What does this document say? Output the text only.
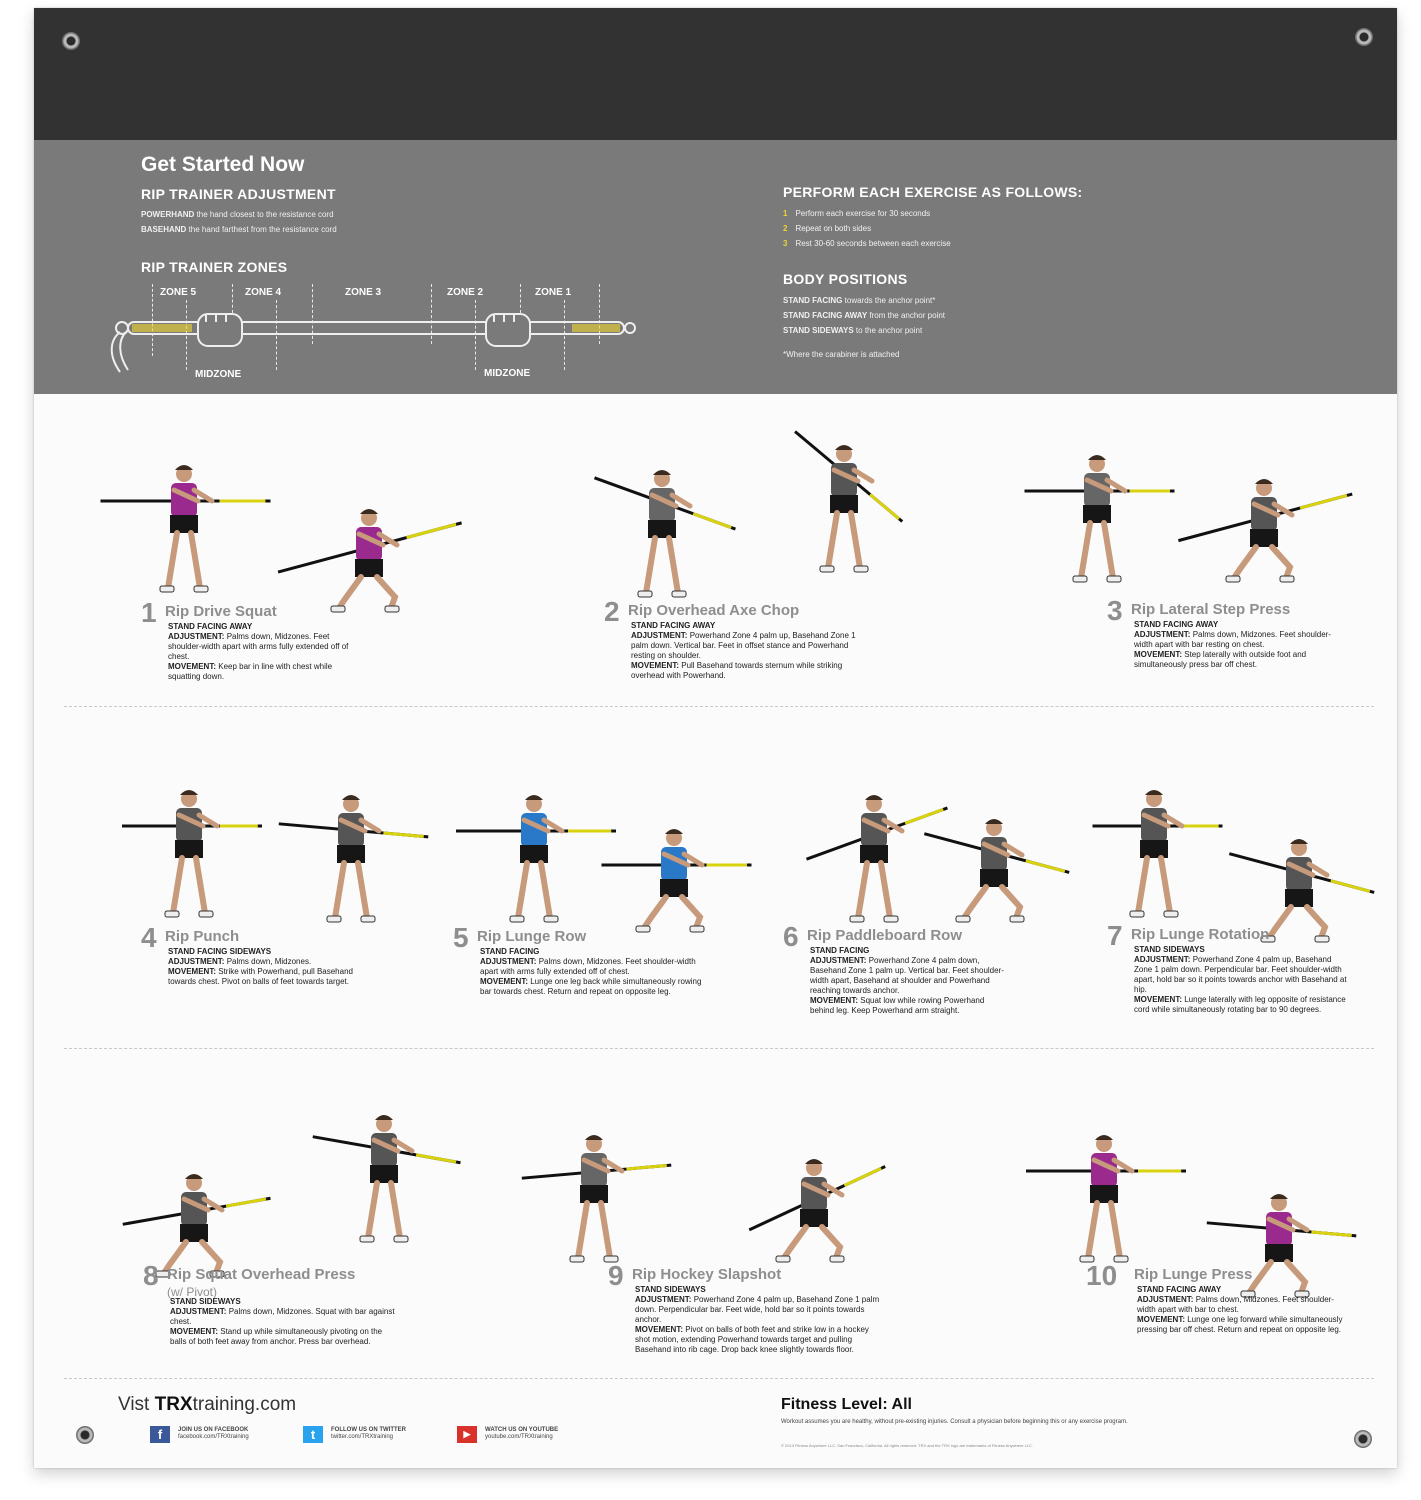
Get Started Now
RIP TRAINER ADJUSTMENT
POWERHAND the hand closest to the resistance cord
BASEHAND the hand farthest from the resistance cord
RIP TRAINER ZONES
ZONE 5	ZONE 4	ZONE 3	ZONE 2	ZONE 1
MIDZONE	MIDZONE
PERFORM EACH EXERCISE AS FOLLOWS:
1 Perform each exercise for 30 seconds
2 Repeat on both sides
3 Rest 30-60 seconds between each exercise
BODY POSITIONS
STAND FACING towards the anchor point*
STAND FACING AWAY from the anchor point
STAND SIDEWAYS to the anchor point
*Where the carabiner is attached
1 Rip Drive Squat
STAND FACING AWAY
ADJUSTMENT: Palms down, Midzones. Feet shoulder-width apart with arms fully extended off of chest.
MOVEMENT: Keep bar in line with chest while squatting down.
2 Rip Overhead Axe Chop
STAND FACING AWAY
ADJUSTMENT: Powerhand Zone 4 palm up, Basehand Zone 1 palm down. Vertical bar. Feet in offset stance and Powerhand resting on shoulder.
MOVEMENT: Pull Basehand towards sternum while striking overhead with Powerhand.
3 Rip Lateral Step Press
STAND FACING AWAY
ADJUSTMENT: Palms down, Midzones. Feet shoulder-width apart with bar resting on chest.
MOVEMENT: Step laterally with outside foot and simultaneously press bar off chest.
4 Rip Punch
STAND FACING SIDEWAYS
ADJUSTMENT: Palms down, Midzones.
MOVEMENT: Strike with Powerhand, pull Basehand towards chest. Pivot on balls of feet towards target.
5 Rip Lunge Row
STAND FACING
ADJUSTMENT: Palms down, Midzones. Feet shoulder-width apart with arms fully extended off of chest.
MOVEMENT: Lunge one leg back while simultaneously rowing bar towards chest. Return and repeat on opposite leg.
6 Rip Paddleboard Row
STAND FACING
ADJUSTMENT: Powerhand Zone 4 palm down, Basehand Zone 1 palm up. Vertical bar. Feet shoulder-width apart, Basehand at shoulder and Powerhand reaching towards anchor.
MOVEMENT: Squat low while rowing Powerhand behind leg. Keep Powerhand arm straight.
7 Rip Lunge Rotation
STAND SIDEWAYS
ADJUSTMENT: Powerhand Zone 4 palm up, Basehand Zone 1 palm down. Perpendicular bar. Feet shoulder-width apart, hold bar so it points towards anchor with Basehand at hip.
MOVEMENT: Lunge laterally with leg opposite of resistance cord while simultaneously rotating bar to 90 degrees.
8 Rip Squat Overhead Press
(w/ Pivot)
STAND SIDEWAYS
ADJUSTMENT: Palms down, Midzones. Squat with bar against chest.
MOVEMENT: Stand up while simultaneously pivoting on the balls of both feet away from anchor. Press bar overhead.
9 Rip Hockey Slapshot
STAND SIDEWAYS
ADJUSTMENT: Powerhand Zone 4 palm up, Basehand Zone 1 palm down. Perpendicular bar. Feet wide, hold bar so it points towards anchor.
MOVEMENT: Pivot on balls of both feet and strike low in a hockey shot motion, extending Powerhand towards target and pulling Basehand into rib cage. Drop back knee slightly towards floor.
10 Rip Lunge Press
STAND FACING AWAY
ADJUSTMENT: Palms down, Midzones. Feet shoulder-width apart with bar to chest.
MOVEMENT: Lunge one leg forward while simultaneously pressing bar off chest. Return and repeat on opposite leg.
Vist TRXtraining.com
f	JOIN US ON FACEBOOK
facebook.com/TRXtraining	t	FOLLOW US ON TWITTER
twitter.com/TRXtraining	▶	WATCH US ON YOUTUBE
youtube.com/TRXtraining
Fitness Level: All
Workout assumes you are healthy, without pre-existing injuries. Consult a physician before beginning this or any exercise program.
© 2013 Fitness Anywhere LLC. San Francisco, California. All rights reserved. TRX and the TRX logo are trademarks of Fitness Anywhere LLC.
